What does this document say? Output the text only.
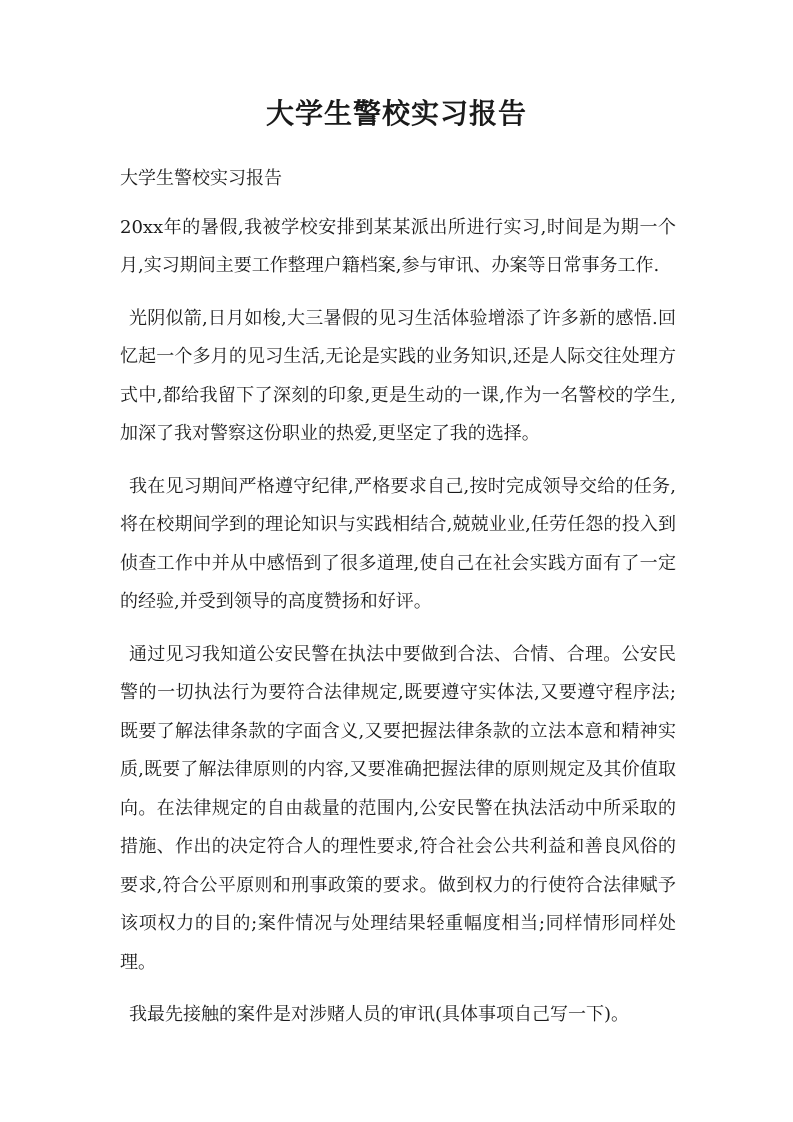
大学生警校实习报告

大学生警校实习报告

20xx年的暑假,我被学校安排到某某派出所进行实习,时间是为期一个月,实习期间主要工作整理户籍档案,参与审讯、办案等日常事务工作.

光阴似箭,日月如梭,大三暑假的见习生活体验增添了许多新的感悟.回忆起一个多月的见习生活,无论是实践的业务知识,还是人际交往处理方式中,都给我留下了深刻的印象,更是生动的一课,作为一名警校的学生,加深了我对警察这份职业的热爱,更坚定了我的选择。

我在见习期间严格遵守纪律,严格要求自己,按时完成领导交给的任务,将在校期间学到的理论知识与实践相结合,兢兢业业,任劳任怨的投入到侦查工作中并从中感悟到了很多道理,使自己在社会实践方面有了一定的经验,并受到领导的高度赞扬和好评。

通过见习我知道公安民警在执法中要做到合法、合情、合理。公安民警的一切执法行为要符合法律规定,既要遵守实体法,又要遵守程序法;既要了解法律条款的字面含义,又要把握法律条款的立法本意和精神实质,既要了解法律原则的内容,又要准确把握法律的原则规定及其价值取向。在法律规定的自由裁量的范围内,公安民警在执法活动中所采取的措施、作出的决定符合人的理性要求,符合社会公共利益和善良风俗的要求,符合公平原则和刑事政策的要求。做到权力的行使符合法律赋予该项权力的目的;案件情况与处理结果轻重幅度相当;同样情形同样处理。

我最先接触的案件是对涉赌人员的审讯(具体事项自己写一下)。
